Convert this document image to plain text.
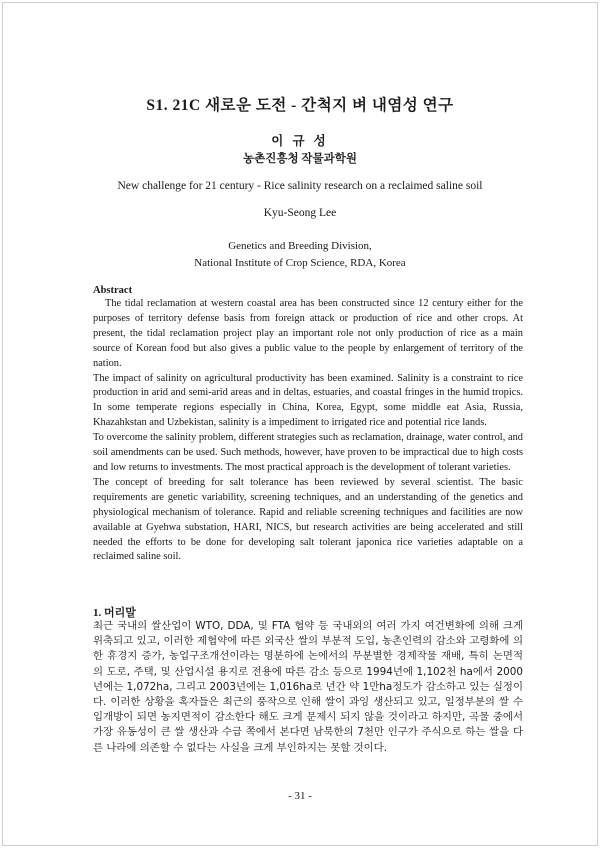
S1. 21C 새로운 도전 - 간척지 벼 내염성 연구
이 규 성
농촌진흥청 작물과학원
New challenge for 21 century - Rice salinity research on a reclaimed saline soil
Kyu-Seong Lee
Genetics and Breeding Division,
National Institute of Crop Science, RDA, Korea
Abstract

The tidal reclamation at western coastal area has been constructed since 12 century either for the purposes of territory defense basis from foreign attack or production of rice and other crops. At present, the tidal reclamation project play an important role not only production of rice as a main source of Korean food but also gives a public value to the people by enlargement of territory of the nation.

The impact of salinity on agricultural productivity has been examined. Salinity is a constraint to rice production in arid and semi-arid areas and in deltas, estuaries, and coastal fringes in the humid tropics. In some temperate regions especially in China, Korea, Egypt, some middle eat Asia, Russia, Khazahkstan and Uzbekistan, salinity is a impediment to irrigated rice and potential rice lands.

To overcome the salinity problem, different strategies such as reclamation, drainage, water control, and soil amendments can be used. Such methods, however, have proven to be impractical due to high costs and low returns to investments. The most practical approach is the development of tolerant varieties.

The concept of breeding for salt tolerance has been reviewed by several scientist. The basic requirements are genetic variability, screening techniques, and an understanding of the genetics and physiological mechanism of tolerance. Rapid and reliable screening techniques and facilities are now available at Gyehwa substation, HARI, NICS, but research activities are being accelerated and still needed the efforts to be done for developing salt tolerant japonica rice varieties adaptable on a reclaimed saline soil.

1. 머리말

최근 국내의 쌀산업이 WTO, DDA, 및 FTA 협약 등 국내외의 여러 가지 여건변화에 의해 크게 위축되고 있고, 이러한 제협약에 따른 외국산 쌀의 부분적 도입, 농촌인력의 감소와 고령화에 의한 휴경지 증가, 농업구조개선이라는 명분하에 논에서의 무분별한 경제작물 재배, 특히 논면적의 도로, 주택, 및 산업시설 용지로 전용에 따른 감소 등으로 1994년에 1,102천 ha에서 2000년에는 1,072ha, 그리고 2003년에는 1,016ha로 년간 약 1만ha정도가 감소하고 있는 실정이다. 이러한 상황을 혹자들은 최근의 풍작으로 인해 쌀이 과잉 생산되고 있고, 일정부분의 쌀 수입개방이 되면 농지면적이 감소한다 해도 크게 문제시 되지 않을 것이라고 하지만, 곡물 중에서 가장 유동성이 큰 쌀 생산과 수급 쪽에서 본다면 남북한의 7천만 인구가 주식으로 하는 쌀을 다른 나라에 의존할 수 없다는 사실을 크게 부인하지는 못할 것이다.

- 31 -
